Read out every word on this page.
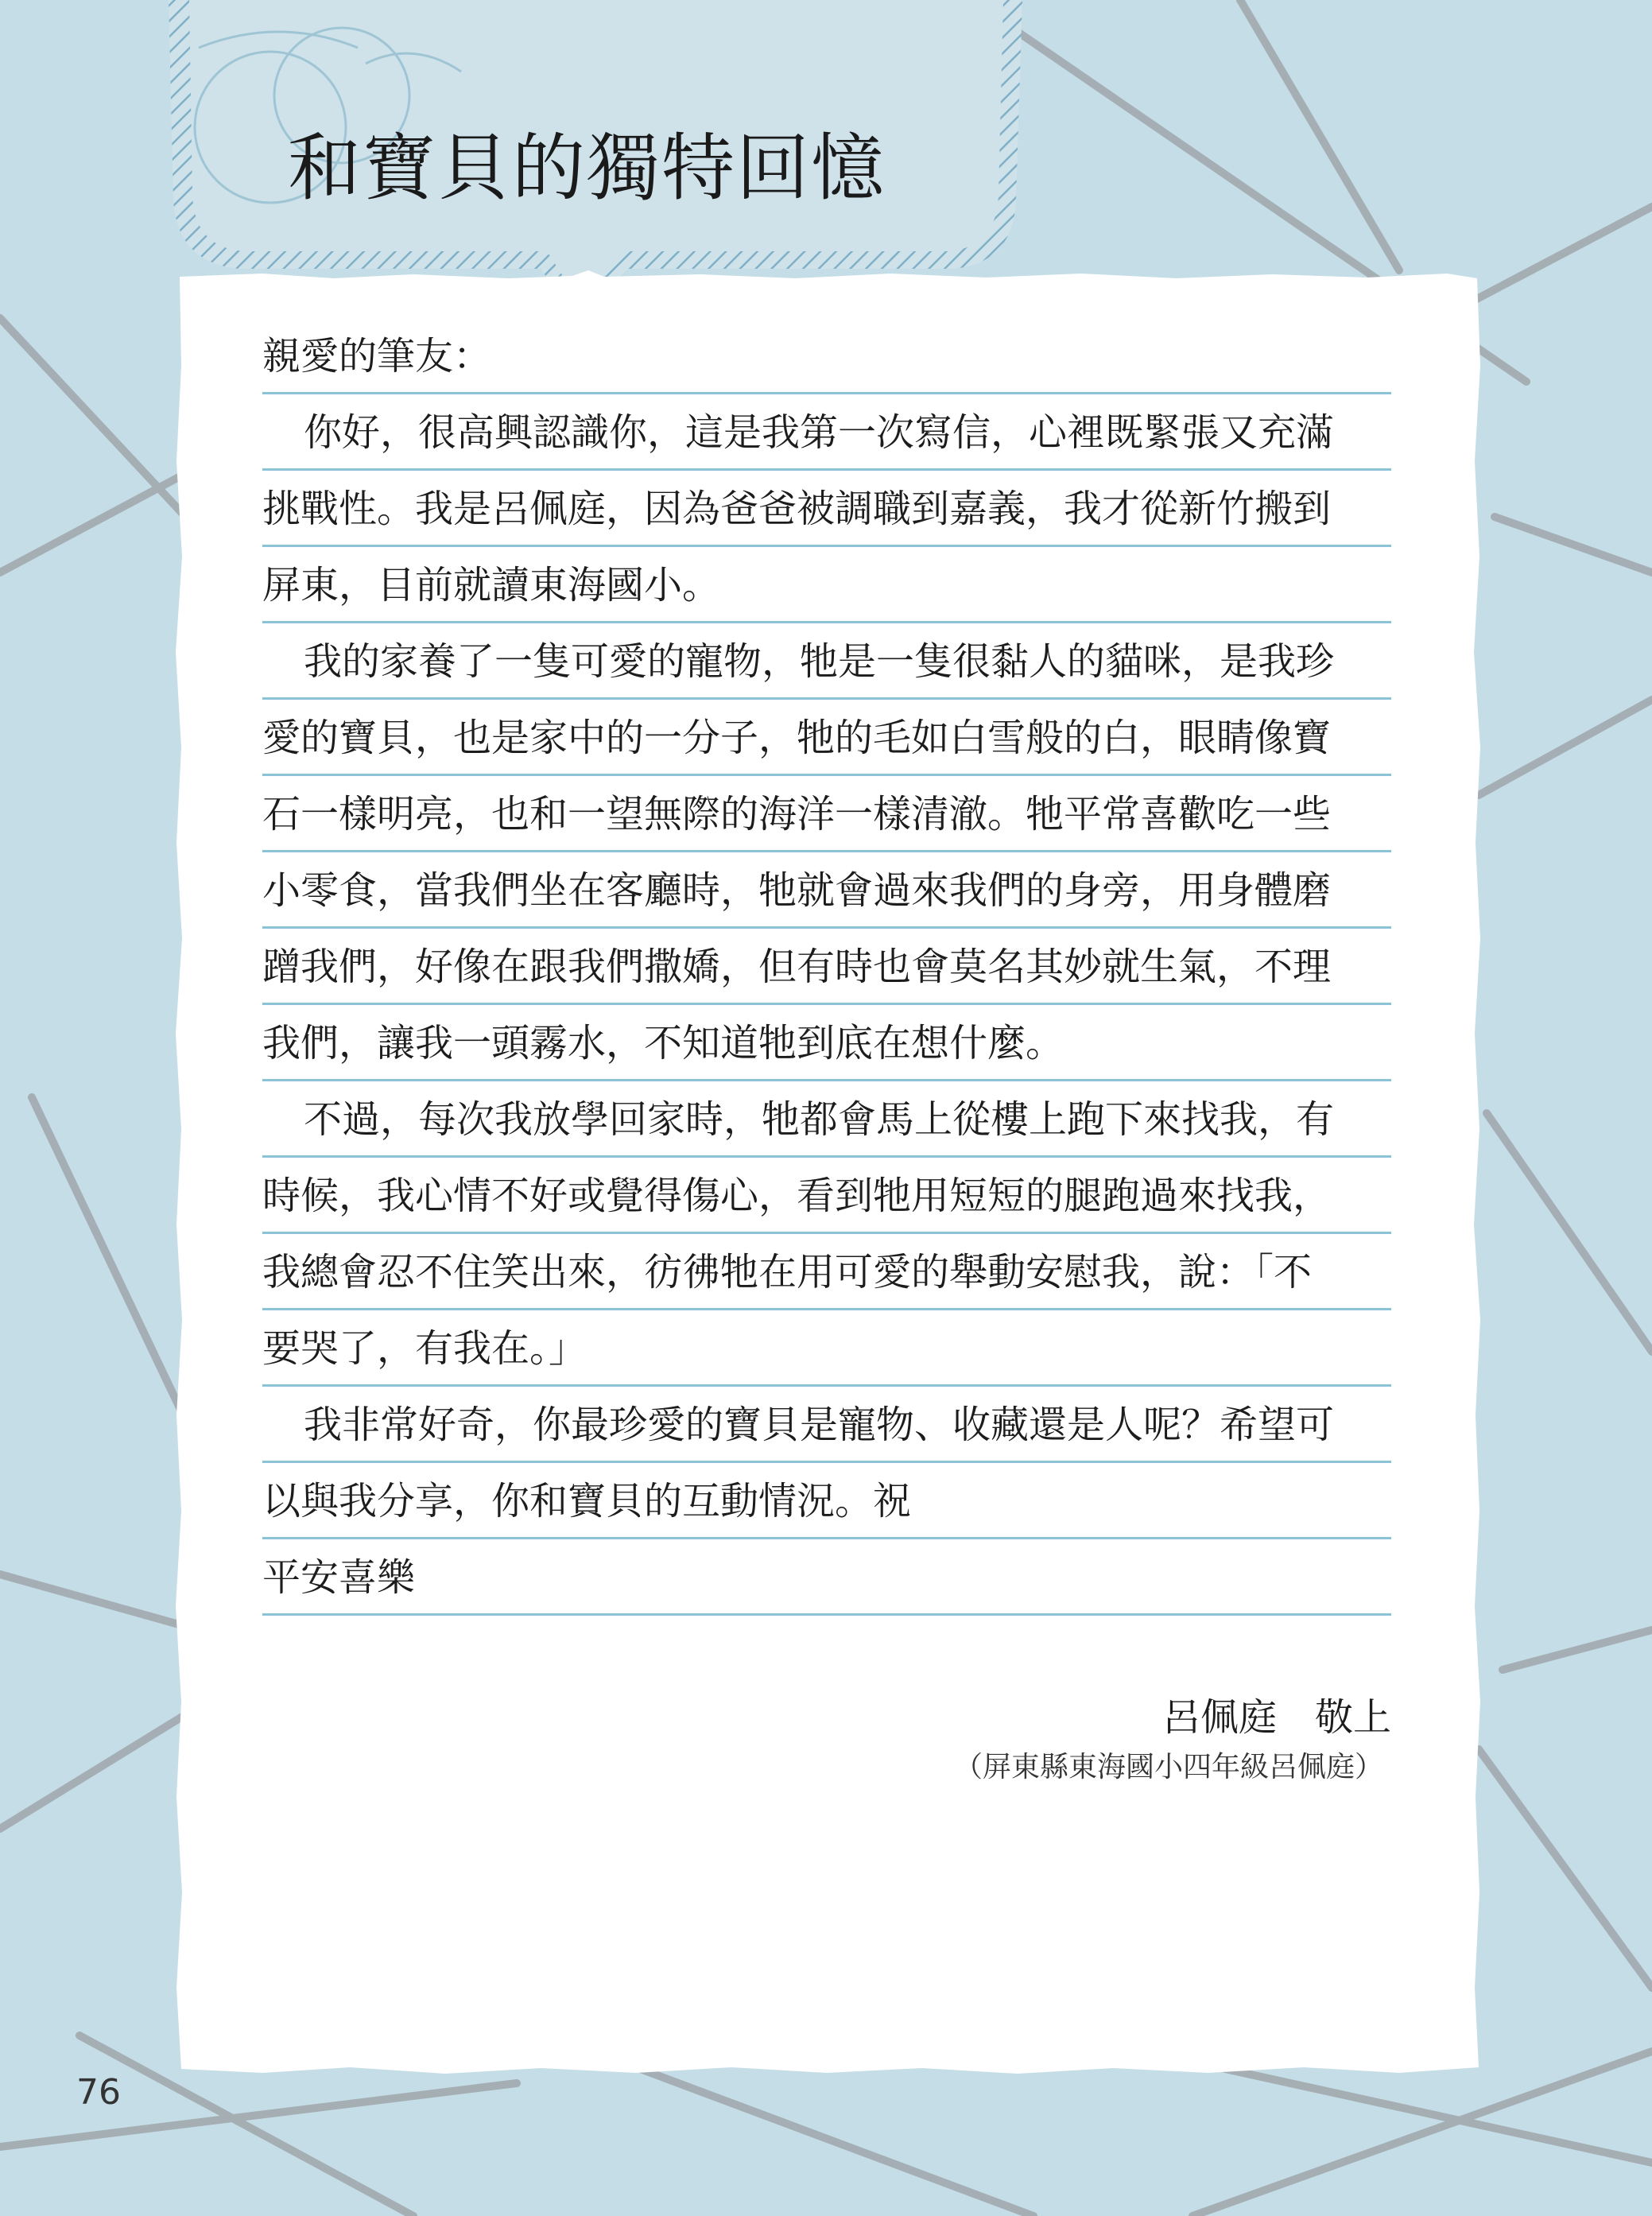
和寶貝的獨特回憶
親愛的筆友：
你好，很高興認識你，這是我第一次寫信，心裡既緊張又充滿
挑戰性。我是呂佩庭，因為爸爸被調職到嘉義，我才從新竹搬到
屏東，目前就讀東海國小。
我的家養了一隻可愛的寵物，牠是一隻很黏人的貓咪，是我珍
愛的寶貝，也是家中的一分子，牠的毛如白雪般的白，眼睛像寶
石一樣明亮，也和一望無際的海洋一樣清澈。牠平常喜歡吃一些
小零食，當我們坐在客廳時，牠就會過來我們的身旁，用身體磨
蹭我們，好像在跟我們撒嬌，但有時也會莫名其妙就生氣，不理
我們，讓我一頭霧水，不知道牠到底在想什麼。
不過，每次我放學回家時，牠都會馬上從樓上跑下來找我，有
時候，我心情不好或覺得傷心，看到牠用短短的腿跑過來找我，
我總會忍不住笑出來，彷彿牠在用可愛的舉動安慰我，說：「不
要哭了，有我在。」
我非常好奇，你最珍愛的寶貝是寵物、收藏還是人呢？希望可
以與我分享，你和寶貝的互動情況。祝
平安喜樂
呂佩庭　敬上
（屏東縣東海國小四年級呂佩庭）
76
